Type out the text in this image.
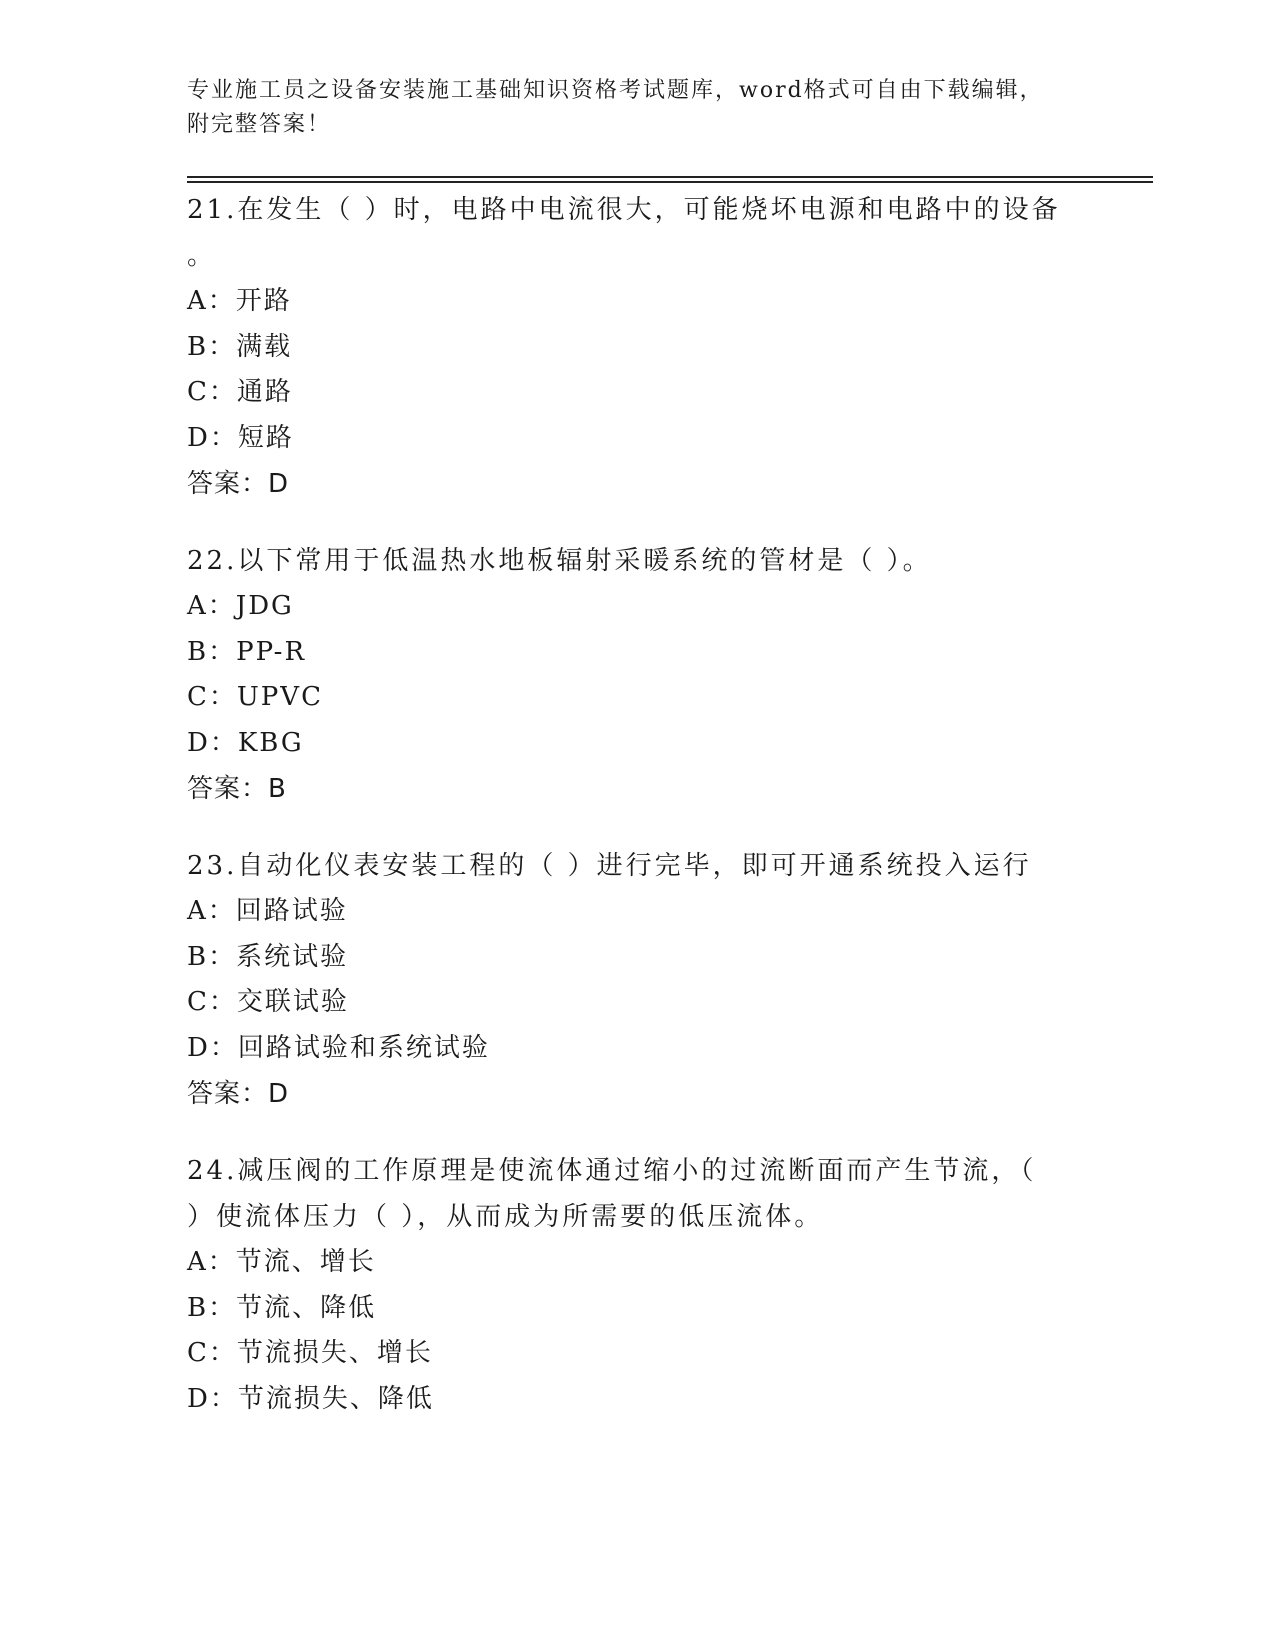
专业施工员之设备安装施工基础知识资格考试题库，word格式可自由下载编辑，
附完整答案！
21.在发生（ ）时，电路中电流很大，可能烧坏电源和电路中的设备
。
A：开路
B：满载
C：通路
D：短路
答案：D
22.以下常用于低温热水地板辐射采暖系统的管材是（ ）。
A：JDG
B：PP-R
C：UPVC
D：KBG
答案：B
23.自动化仪表安装工程的（ ）进行完毕，即可开通系统投入运行
A：回路试验
B：系统试验
C：交联试验
D：回路试验和系统试验
答案：D
24.减压阀的工作原理是使流体通过缩小的过流断面而产生节流，（
）使流体压力（ ），从而成为所需要的低压流体。
A：节流、增长
B：节流、降低
C：节流损失、增长
D：节流损失、降低
